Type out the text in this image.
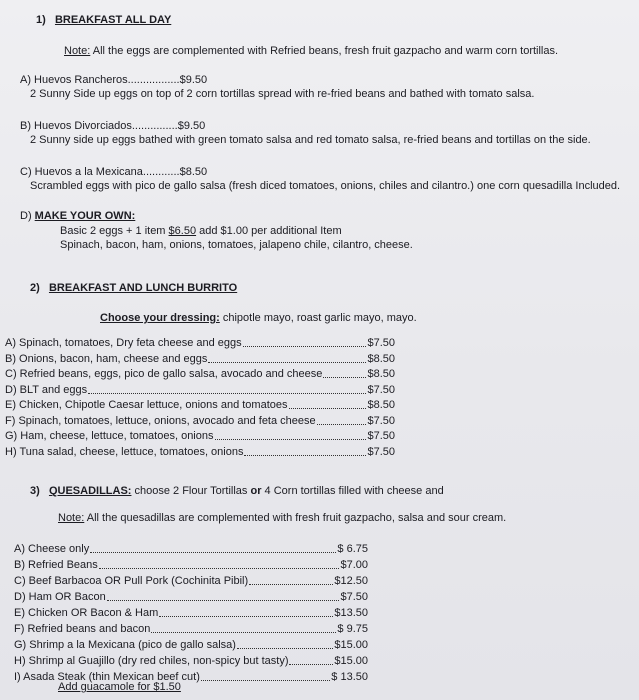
1) BREAKFAST ALL DAY
Note: All the eggs are complemented with Refried beans, fresh fruit gazpacho and warm corn tortillas.
A) Huevos Rancheros.................$9.50
2 Sunny Side up eggs on top of 2 corn tortillas spread with re-fried beans and bathed with tomato salsa.
B) Huevos Divorciados...............$9.50
2 Sunny side up eggs bathed with green tomato salsa and red tomato salsa, re-fried beans and tortillas on the side.
C) Huevos a la Mexicana............$8.50
Scrambled eggs with pico de gallo salsa (fresh diced tomatoes, onions, chiles and cilantro.) one corn quesadilla Included.
D) MAKE YOUR OWN:
Basic 2 eggs + 1 item $6.50 add $1.00 per additional Item
Spinach, bacon, ham, onions, tomatoes, jalapeno chile, cilantro, cheese.
2) BREAKFAST AND LUNCH BURRITO
Choose your dressing: chipotle mayo, roast garlic mayo, mayo.
A) Spinach, tomatoes, Dry feta cheese and eggs	$7.50
B) Onions, bacon, ham, cheese and eggs	$8.50
C) Refried beans, eggs, pico de gallo salsa, avocado and cheese	$8.50
D) BLT and eggs	$7.50
E) Chicken, Chipotle Caesar lettuce, onions and tomatoes	$8.50
F) Spinach, tomatoes, lettuce, onions, avocado and feta cheese	$7.50
G) Ham, cheese, lettuce, tomatoes, onions	$7.50
H) Tuna salad, cheese, lettuce, tomatoes, onions	$7.50
3) QUESADILLAS: choose 2 Flour Tortillas or 4 Corn tortillas filled with cheese and
Note: All the quesadillas are complemented with fresh fruit gazpacho, salsa and sour cream.
A) Cheese only	$ 6.75
B) Refried Beans	$7.00
C) Beef Barbacoa OR Pull Pork (Cochinita Pibil)	$12.50
D) Ham OR Bacon	$7.50
E) Chicken OR Bacon & Ham	$13.50
F) Refried beans and bacon	$ 9.75
G) Shrimp a la Mexicana (pico de gallo salsa)	$15.00
H) Shrimp al Guajillo (dry red chiles, non-spicy but tasty)	$15.00
I) Asada Steak (thin Mexican beef cut)	$ 13.50
Add guacamole for $1.50
